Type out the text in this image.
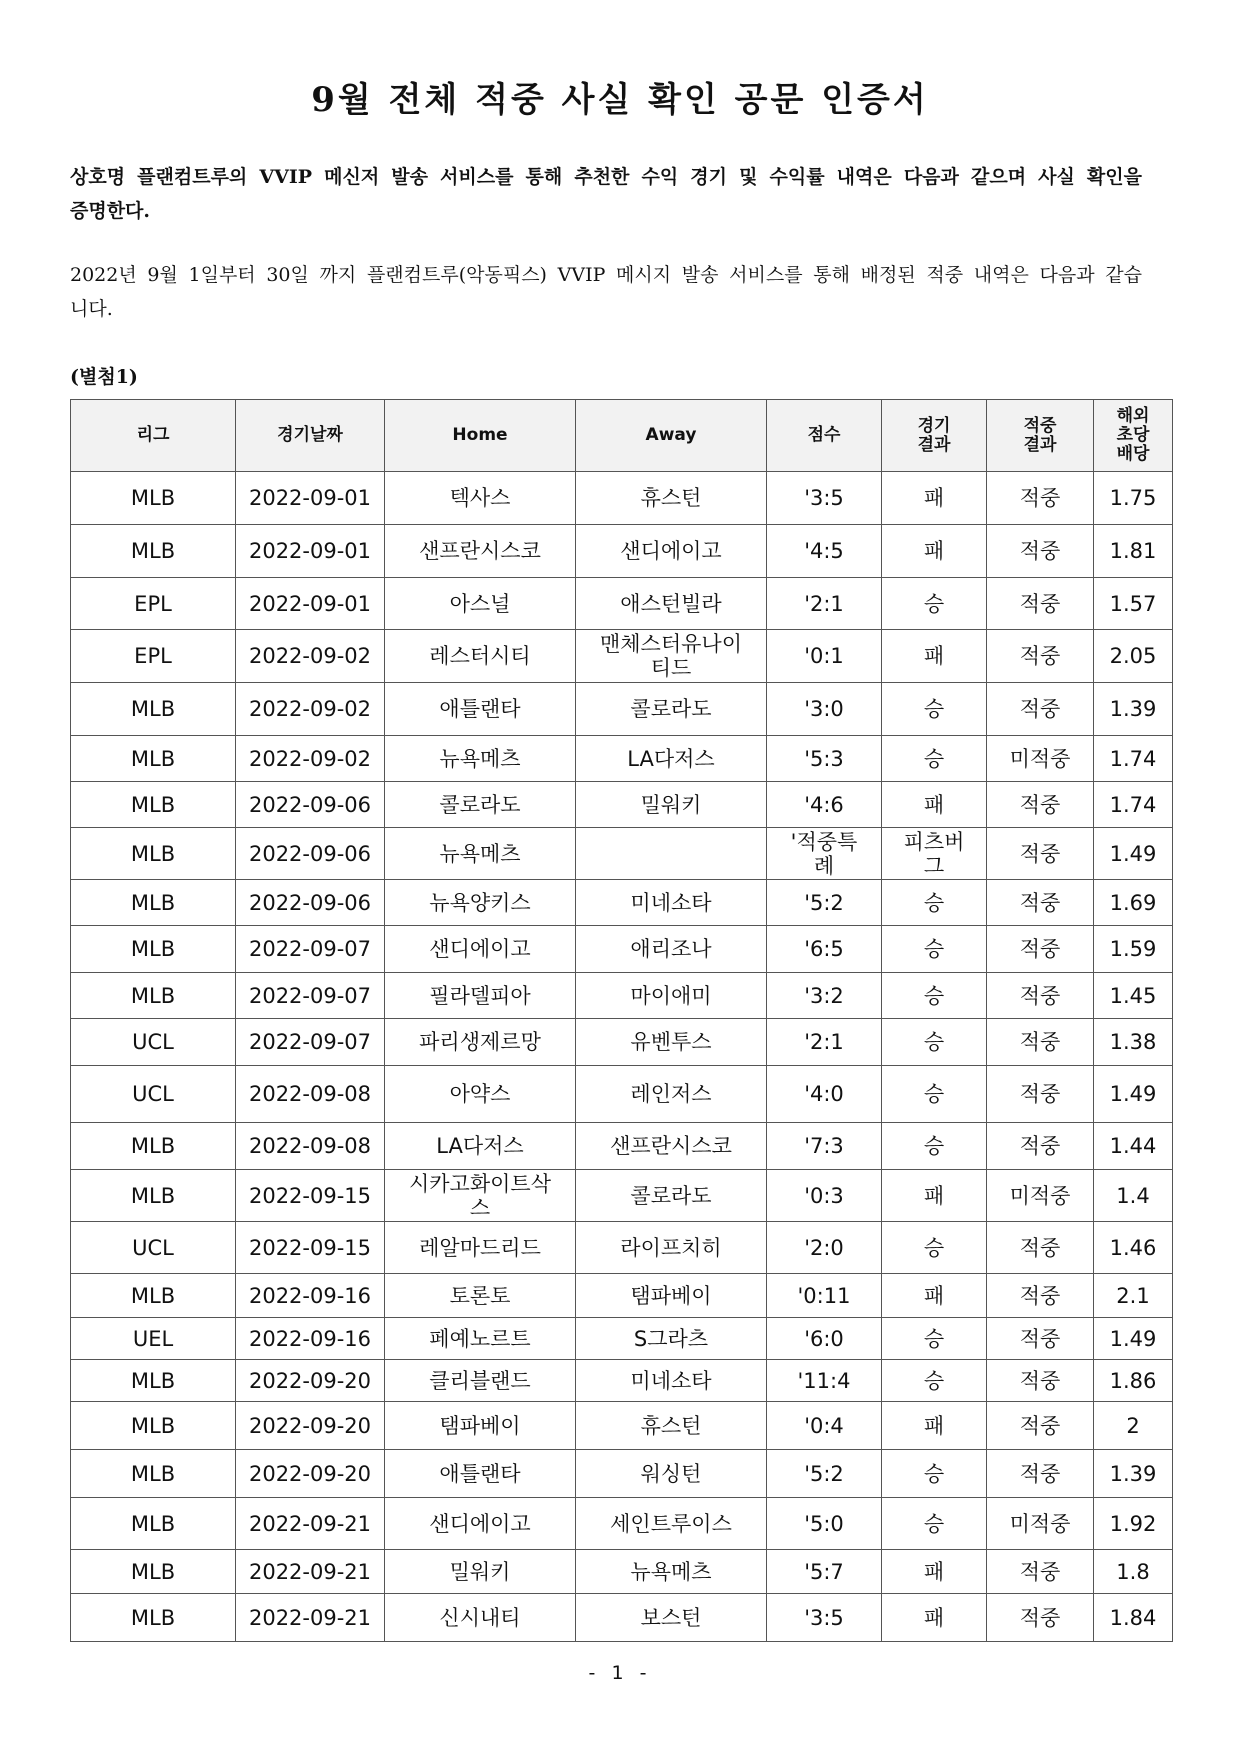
9월 전체 적중 사실 확인 공문 인증서
상호명 플랜컴트루의 VVIP 메신저 발송 서비스를 통해 추천한 수익 경기 및 수익률 내역은 다음과 같으며 사실 확인을 증명한다.
2022년 9월 1일부터 30일 까지 플랜컴트루(악동픽스) VVIP 메시지 발송 서비스를 통해 배정된 적중 내역은 다음과 같습니다.
(별첨1)
리그	경기날짜	Home	Away	점수	경기 결과	적중 결과	해외 초당 배당
MLB	2022-09-01	텍사스	휴스턴	'3:5	패	적중	1.75
MLB	2022-09-01	샌프란시스코	샌디에이고	'4:5	패	적중	1.81
EPL	2022-09-01	아스널	애스턴빌라	'2:1	승	적중	1.57
EPL	2022-09-02	레스터시티	맨체스터유나이티드	'0:1	패	적중	2.05
MLB	2022-09-02	애틀랜타	콜로라도	'3:0	승	적중	1.39
MLB	2022-09-02	뉴욕메츠	LA다저스	'5:3	승	미적중	1.74
MLB	2022-09-06	콜로라도	밀워키	'4:6	패	적중	1.74
MLB	2022-09-06	뉴욕메츠		'적중특례	피츠버그	적중	1.49
MLB	2022-09-06	뉴욕양키스	미네소타	'5:2	승	적중	1.69
MLB	2022-09-07	샌디에이고	애리조나	'6:5	승	적중	1.59
MLB	2022-09-07	필라델피아	마이애미	'3:2	승	적중	1.45
UCL	2022-09-07	파리생제르망	유벤투스	'2:1	승	적중	1.38
UCL	2022-09-08	아약스	레인저스	'4:0	승	적중	1.49
MLB	2022-09-08	LA다저스	샌프란시스코	'7:3	승	적중	1.44
MLB	2022-09-15	시카고화이트삭스	콜로라도	'0:3	패	미적중	1.4
UCL	2022-09-15	레알마드리드	라이프치히	'2:0	승	적중	1.46
MLB	2022-09-16	토론토	탬파베이	'0:11	패	적중	2.1
UEL	2022-09-16	페예노르트	S그라츠	'6:0	승	적중	1.49
MLB	2022-09-20	클리블랜드	미네소타	'11:4	승	적중	1.86
MLB	2022-09-20	탬파베이	휴스턴	'0:4	패	적중	2
MLB	2022-09-20	애틀랜타	워싱턴	'5:2	승	적중	1.39
MLB	2022-09-21	샌디에이고	세인트루이스	'5:0	승	미적중	1.92
MLB	2022-09-21	밀워키	뉴욕메츠	'5:7	패	적중	1.8
MLB	2022-09-21	신시내티	보스턴	'3:5	패	적중	1.84
- 1 -
